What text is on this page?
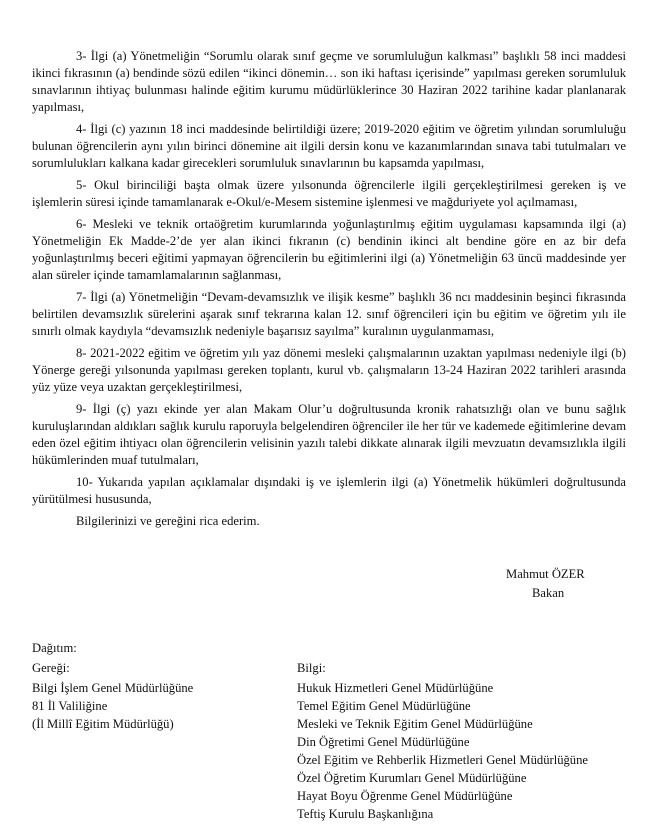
3- İlgi (a) Yönetmeliğin “Sorumlu olarak sınıf geçme ve sorumluluğun kalkması” başlıklı 58 inci maddesi ikinci fıkrasının (a) bendinde sözü edilen “ikinci dönemin… son iki haftası içerisinde” yapılması gereken sorumluluk sınavlarının ihtiyaç bulunması halinde eğitim kurumu müdürlüklerince 30 Haziran 2022 tarihine kadar planlanarak yapılması,

4- İlgi (c) yazının 18 inci maddesinde belirtildiği üzere; 2019-2020 eğitim ve öğretim yılından sorumluluğu bulunan öğrencilerin aynı yılın birinci dönemine ait ilgili dersin konu ve kazanımlarından sınava tabi tutulmaları ve sorumlulukları kalkana kadar girecekleri sorumluluk sınavlarının bu kapsamda yapılması,

5- Okul birinciliği başta olmak üzere yılsonunda öğrencilerle ilgili gerçekleştirilmesi gereken iş ve işlemlerin süresi içinde tamamlanarak e-Okul/e-Mesem sistemine işlenmesi ve mağduriyete yol açılmaması,

6- Mesleki ve teknik ortaöğretim kurumlarında yoğunlaştırılmış eğitim uygulaması kapsamında ilgi (a) Yönetmeliğin Ek Madde-2’de yer alan ikinci fıkranın (c) bendinin ikinci alt bendine göre en az bir defa yoğunlaştırılmış beceri eğitimi yapmayan öğrencilerin bu eğitimlerini ilgi (a) Yönetmeliğin 63 üncü maddesinde yer alan süreler içinde tamamlamalarının sağlanması,

7- İlgi (a) Yönetmeliğin “Devam-devamsızlık ve ilişik kesme” başlıklı 36 ncı maddesinin beşinci fıkrasında belirtilen devamsızlık sürelerini aşarak sınıf tekrarına kalan 12. sınıf öğrencileri için bu eğitim ve öğretim yılı ile sınırlı olmak kaydıyla “devamsızlık nedeniyle başarısız sayılma” kuralının uygulanmaması,

8- 2021-2022 eğitim ve öğretim yılı yaz dönemi mesleki çalışmalarının uzaktan yapılması nedeniyle ilgi (b) Yönerge gereği yılsonunda yapılması gereken toplantı, kurul vb. çalışmaların 13-24 Haziran 2022 tarihleri arasında yüz yüze veya uzaktan gerçekleştirilmesi,

9- İlgi (ç) yazı ekinde yer alan Makam Olur’u doğrultusunda kronik rahatsızlığı olan ve bunu sağlık kuruluşlarından aldıkları sağlık kurulu raporuyla belgelendiren öğrenciler ile her tür ve kademede eğitimlerine devam eden özel eğitim ihtiyacı olan öğrencilerin velisinin yazılı talebi dikkate alınarak ilgili mevzuatın devamsızlıkla ilgili hükümlerinden muaf tutulmaları,

10- Yukarıda yapılan açıklamalar dışındaki iş ve işlemlerin ilgi (a) Yönetmelik hükümleri doğrultusunda yürütülmesi hususunda,

Bilgilerinizi ve gereğini rica ederim.

Mahmut ÖZER
Bakan
Dağıtım:
Gereği:
Bilgi İşlem Genel Müdürlüğüne
81 İl Valiliğine
(İl Millî Eğitim Müdürlüğü)
Bilgi:
Hukuk Hizmetleri Genel Müdürlüğüne
Temel Eğitim Genel Müdürlüğüne
Mesleki ve Teknik Eğitim Genel Müdürlüğüne
Din Öğretimi Genel Müdürlüğüne
Özel Eğitim ve Rehberlik Hizmetleri Genel Müdürlüğüne
Özel Öğretim Kurumları Genel Müdürlüğüne
Hayat Boyu Öğrenme Genel Müdürlüğüne
Teftiş Kurulu Başkanlığına
